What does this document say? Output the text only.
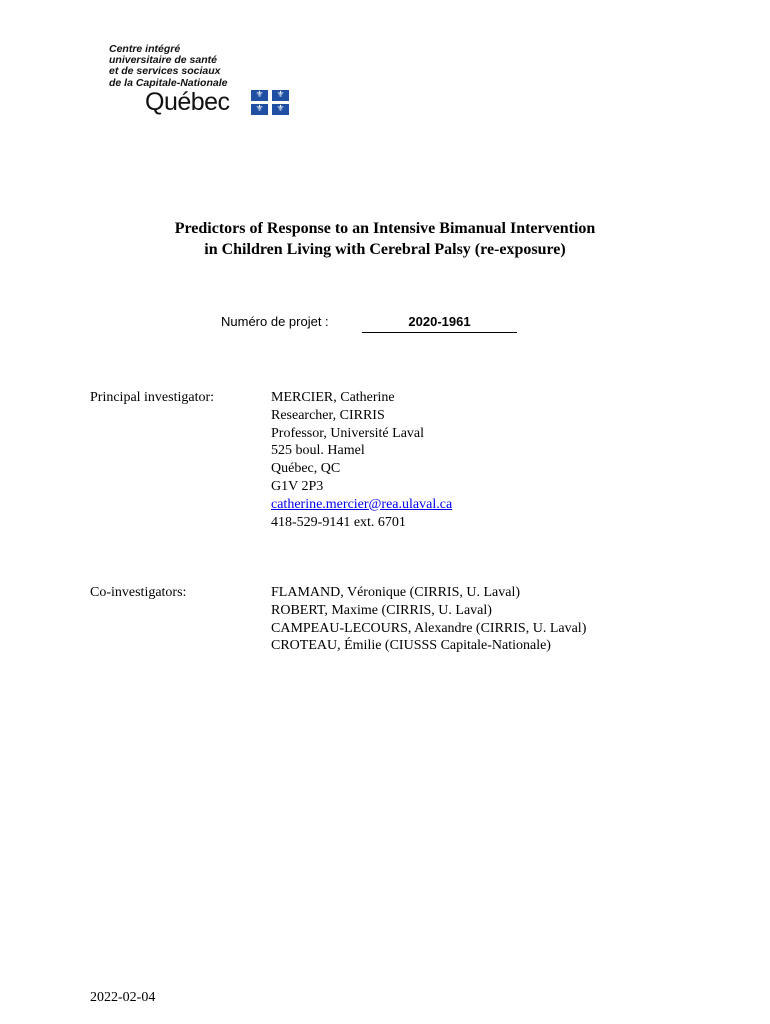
Centre intégré
universitaire de santé
et de services sociaux
de la Capitale-Nationale
Québec	⚜	⚜
⚜	⚜
Predictors of Response to an Intensive Bimanual Intervention
in Children Living with Cerebral Palsy (re-exposure)
Numéro de projet :	2020-1961
Principal investigator:	MERCIER, Catherine
Researcher, CIRRIS
Professor, Université Laval
525 boul. Hamel
Québec, QC
G1V 2P3
catherine.mercier@rea.ulaval.ca
418-529-9141 ext. 6701
Co-investigators:	FLAMAND, Véronique (CIRRIS, U. Laval)
ROBERT, Maxime (CIRRIS, U. Laval)
CAMPEAU-LECOURS, Alexandre (CIRRIS, U. Laval)
CROTEAU, Émilie (CIUSSS Capitale-Nationale)
2022-02-04
